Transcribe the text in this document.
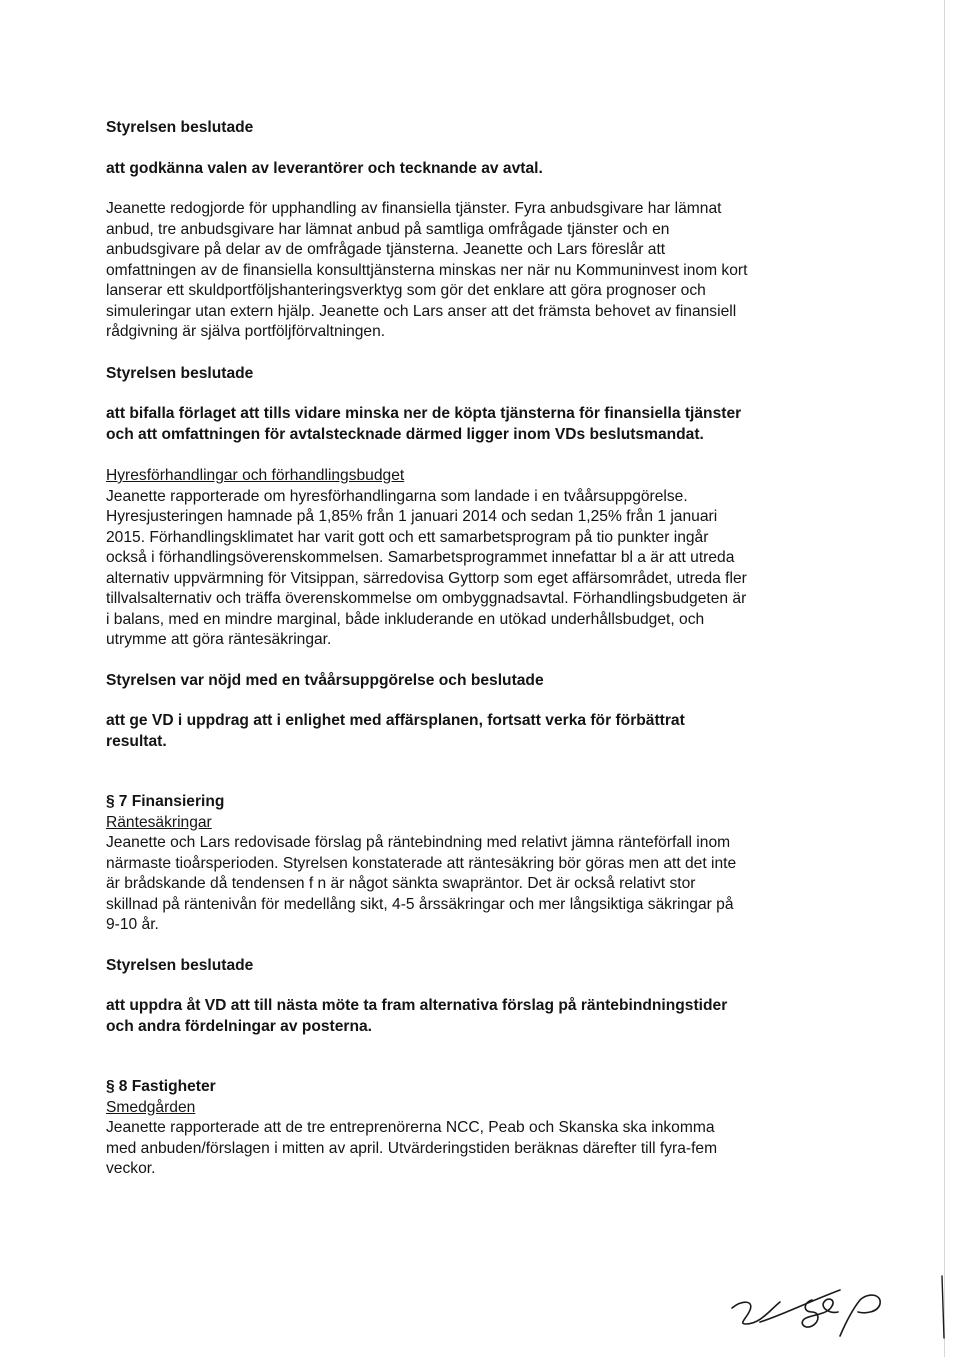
Styrelsen beslutade

att godkänna valen av leverantörer och tecknande av avtal.

Jeanette redogjorde för upphandling av finansiella tjänster. Fyra anbudsgivare har lämnat

anbud, tre anbudsgivare har lämnat anbud på samtliga omfrågade tjänster och en

anbudsgivare på delar av de omfrågade tjänsterna. Jeanette och Lars föreslår att

omfattningen av de finansiella konsulttjänsterna minskas ner när nu Kommuninvest inom kort

lanserar ett skuldportföljshanteringsverktyg som gör det enklare att göra prognoser och

simuleringar utan extern hjälp. Jeanette och Lars anser att det främsta behovet av finansiell

rådgivning är själva portföljförvaltningen.

Styrelsen beslutade

att bifalla förlaget att tills vidare minska ner de köpta tjänsterna för finansiella tjänster

och att omfattningen för avtalstecknade därmed ligger inom VDs beslutsmandat.

Hyresförhandlingar och förhandlingsbudget

Jeanette rapporterade om hyresförhandlingarna som landade i en tvåårsuppgörelse.

Hyresjusteringen hamnade på 1,85% från 1 januari 2014 och sedan 1,25% från 1 januari

2015. Förhandlingsklimatet har varit gott och ett samarbetsprogram på tio punkter ingår

också i förhandlingsöverenskommelsen. Samarbetsprogrammet innefattar bl a är att utreda

alternativ uppvärmning för Vitsippan, särredovisa Gyttorp som eget affärsområdet, utreda fler

tillvalsalternativ och träffa överenskommelse om ombyggnadsavtal. Förhandlingsbudgeten är

i balans, med en mindre marginal, både inkluderande en utökad underhållsbudget, och

utrymme att göra räntesäkringar.

Styrelsen var nöjd med en tvåårsuppgörelse och beslutade

att ge VD i uppdrag att i enlighet med affärsplanen, fortsatt verka för förbättrat

resultat.

§ 7 Finansiering

Räntesäkringar

Jeanette och Lars redovisade förslag på räntebindning med relativt jämna ränteförfall inom

närmaste tioårsperioden. Styrelsen konstaterade att räntesäkring bör göras men att det inte

är brådskande då tendensen f n är något sänkta swapräntor. Det är också relativt stor

skillnad på räntenivån för medellång sikt, 4-5 årssäkringar och mer långsiktiga säkringar på

9-10 år.

Styrelsen beslutade

att uppdra åt VD att till nästa möte ta fram alternativa förslag på räntebindningstider

och andra fördelningar av posterna.

§ 8 Fastigheter

Smedgården

Jeanette rapporterade att de tre entreprenörerna NCC, Peab och Skanska ska inkomma

med anbuden/förslagen i mitten av april. Utvärderingstiden beräknas därefter till fyra-fem

veckor.
